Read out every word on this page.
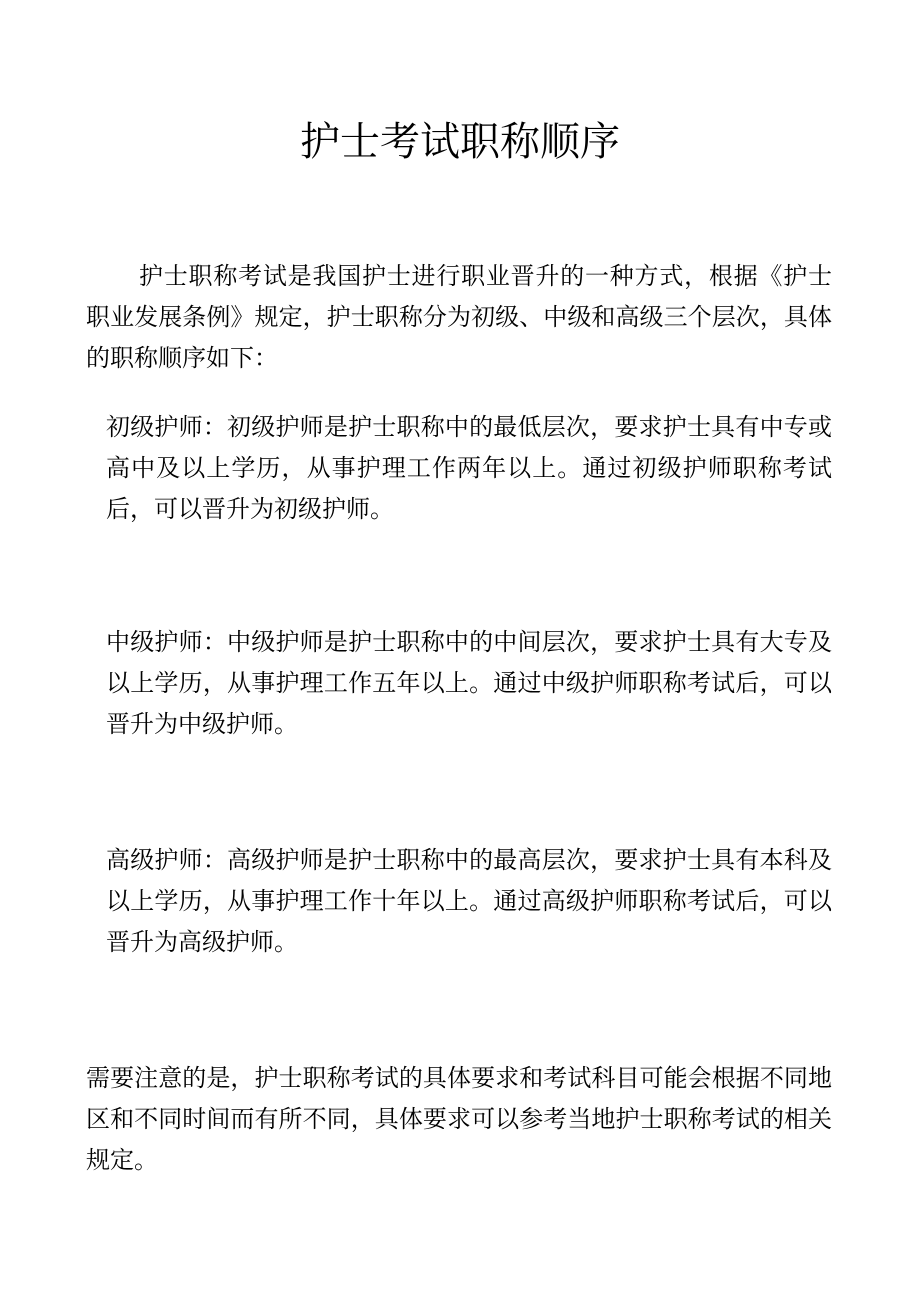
护士考试职称顺序

护士职称考试是我国护士进行职业晋升的一种方式，根据《护士职业发展条例》规定，护士职称分为初级、中级和高级三个层次，具体的职称顺序如下：

初级护师：初级护师是护士职称中的最低层次，要求护士具有中专或高中及以上学历，从事护理工作两年以上。通过初级护师职称考试后，可以晋升为初级护师。

中级护师：中级护师是护士职称中的中间层次，要求护士具有大专及以上学历，从事护理工作五年以上。通过中级护师职称考试后，可以晋升为中级护师。

高级护师：高级护师是护士职称中的最高层次，要求护士具有本科及以上学历，从事护理工作十年以上。通过高级护师职称考试后，可以晋升为高级护师。

需要注意的是，护士职称考试的具体要求和考试科目可能会根据不同地区和不同时间而有所不同，具体要求可以参考当地护士职称考试的相关规定。
